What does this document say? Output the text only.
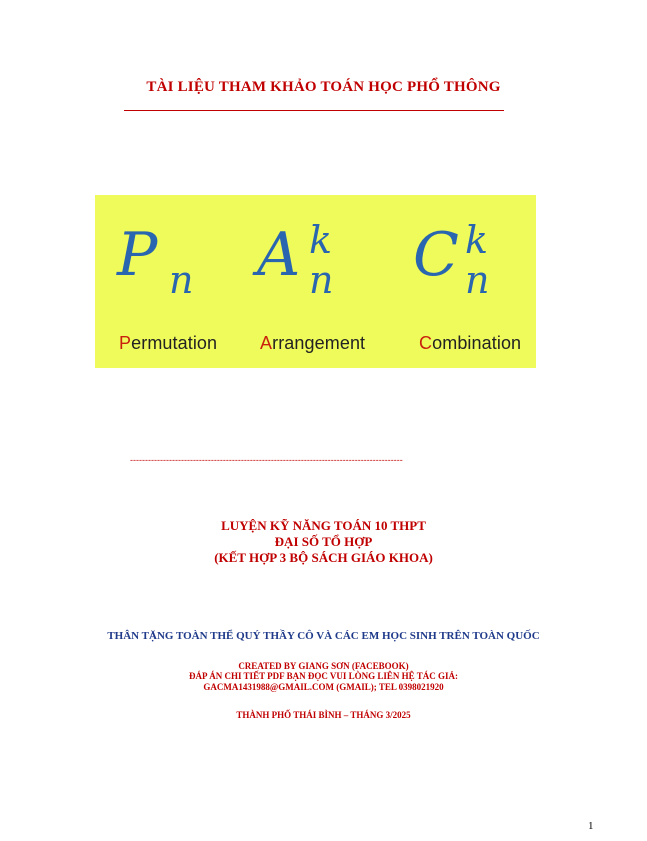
TÀI LIỆU THAM KHẢO TOÁN HỌC PHỔ THÔNG
P n A k
n C k
n
Permutation Arrangement	Combination
-------------------------------------------------------------------------------------------
LUYỆN KỸ NĂNG TOÁN 10 THPT
ĐẠI SỐ TỔ HỢP
(KẾT HỢP 3 BỘ SÁCH GIÁO KHOA)
THÂN TẶNG TOÀN THỂ QUÝ THẦY CÔ VÀ CÁC EM HỌC SINH TRÊN TOÀN QUỐC
CREATED BY GIANG SƠN (FACEBOOK)
ĐÁP ÁN CHI TIẾT PDF BẠN ĐỌC VUI LÒNG LIÊN HỆ TÁC GIẢ:
GACMA1431988@GMAIL.COM (GMAIL); TEL 0398021920
THÀNH PHỐ THÁI BÌNH – THÁNG 3/2025
1
